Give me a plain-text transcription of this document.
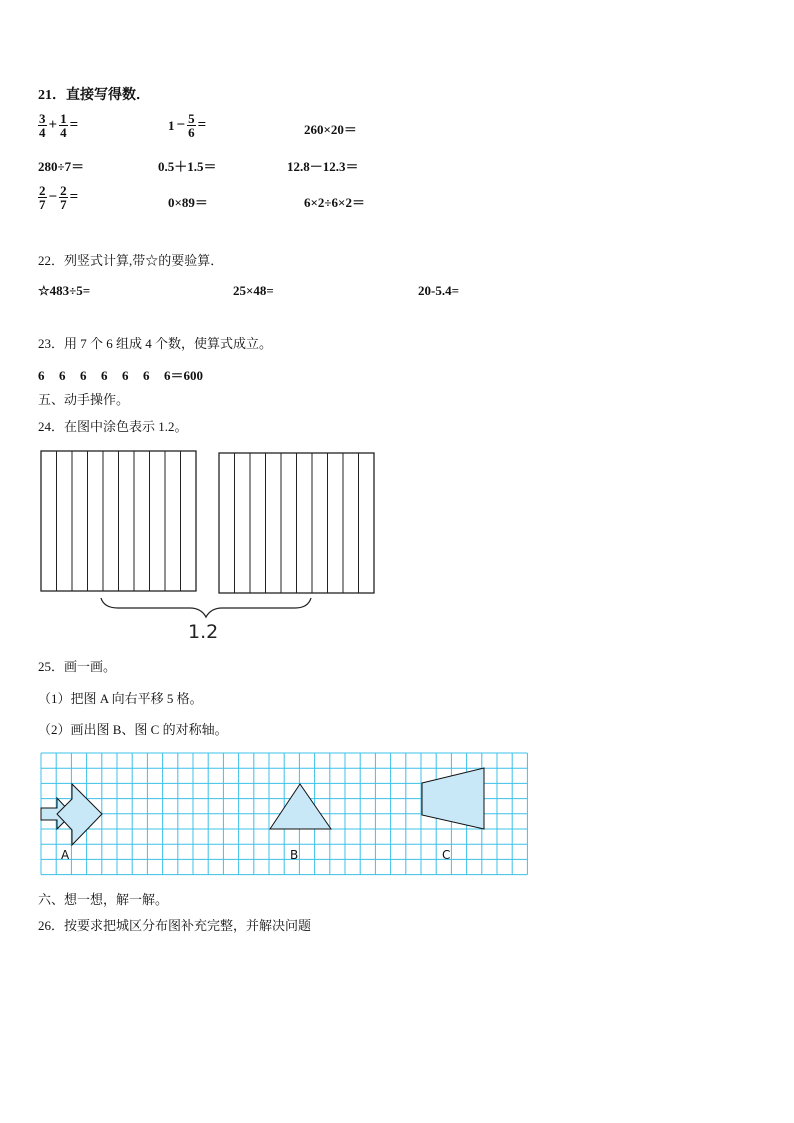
21．直接写得数．
$\frac{3}{4} + \frac{1}{4}$ =	$1 - \frac{5}{6}$ =	260×20＝
280÷7＝	0.5＋1.5＝	12.8－12.3＝
$\frac{2}{7} - \frac{2}{7}$ =	0×89＝	6×2÷6×2＝
22．列竖式计算,带☆的要验算．
☆483÷5=	25×48=	20-5.4=
23．用 7 个 6 组成 4 个数，使算式成立。
6 6 6 6 6 6 6＝600
五、动手操作。
24．在图中涂色表示 1.2。
1.2
25．画一画。
（1）把图 A 向右平移 5 格。
（2）画出图 B、图 C 的对称轴。
A	B	C
六、想一想，解一解。
26．按要求把城区分布图补充完整，并解决问题
